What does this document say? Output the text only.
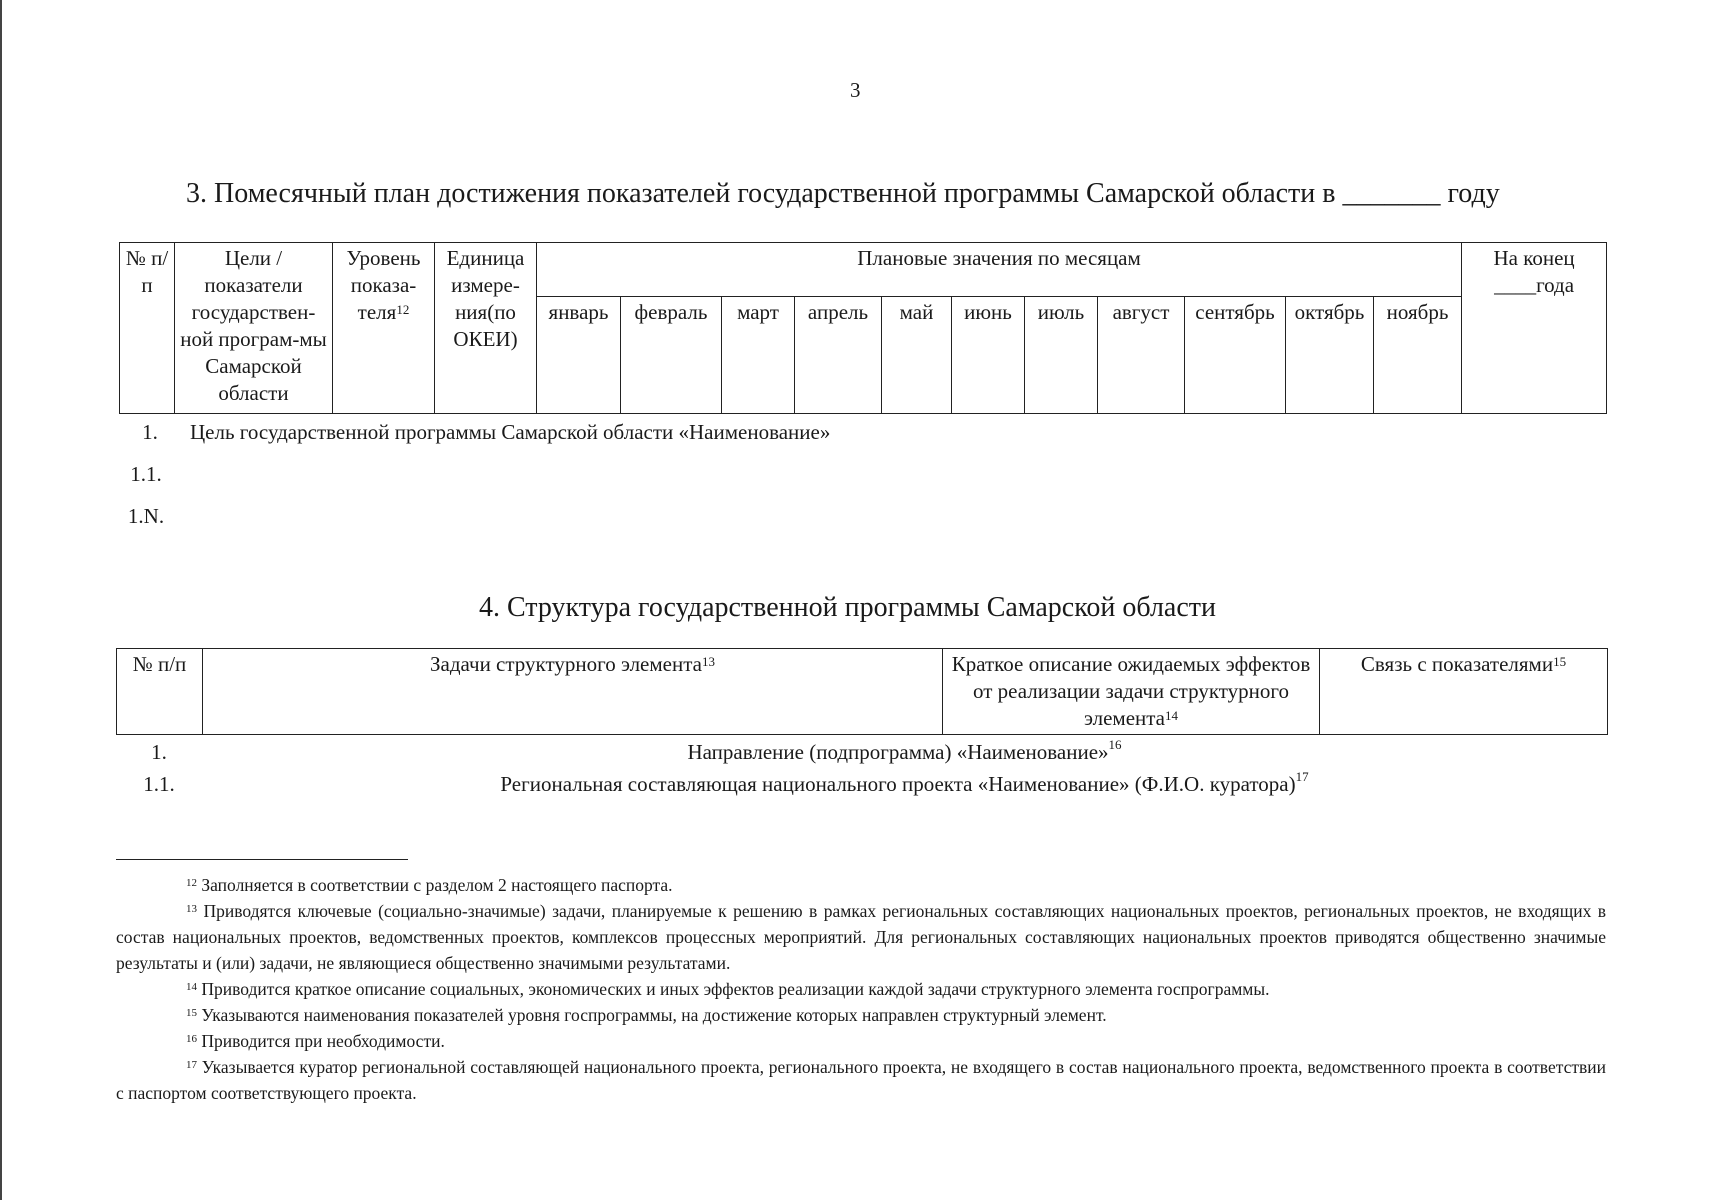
3
3. Помесячный план достижения показателей государственной программы Самарской области в _______ году
№ п/п	Цели / показатели государствен-ной програм-мы Самарской области	Уровень показа-теля$^{12}$	Единица измере-ния(по ОКЕИ)	Плановые значения по месяцам											На конец ____года
				январь	февраль	март	апрель	май	июнь	июль	август	сентябрь	октябрь	ноябрь	
1. Цель государственной программы Самарской области «Наименование»
1.1.
1.N.
4. Структура государственной программы Самарской области
№ п/п	Задачи структурного элемента$^{13}$	Краткое описание ожидаемых эффектов от реализации задачи структурного элемента$^{14}$	Связь с показателями$^{15}$
1.	Направление (подпрограмма) «Наименование»$^{16}$
1.1.	Региональная составляющая национального проекта «Наименование» (Ф.И.О. куратора)$^{17}$

$^{12}$ Заполняется в соответствии с разделом 2 настоящего паспорта.

$^{13}$ Приводятся ключевые (социально-значимые) задачи, планируемые к решению в рамках региональных составляющих национальных проектов, региональных проектов, не входящих в состав национальных проектов, ведомственных проектов, комплексов процессных мероприятий. Для региональных составляющих национальных проектов приводятся общественно значимые результаты и (или) задачи, не являющиеся общественно значимыми результатами.

$^{14}$ Приводится краткое описание социальных, экономических и иных эффектов реализации каждой задачи структурного элемента госпрограммы.

$^{15}$ Указываются наименования показателей уровня госпрограммы, на достижение которых направлен структурный элемент.

$^{16}$ Приводится при необходимости.

$^{17}$ Указывается куратор региональной составляющей национального проекта, регионального проекта, не входящего в состав национального проекта, ведомственного проекта в соответствии с паспортом соответствующего проекта.
